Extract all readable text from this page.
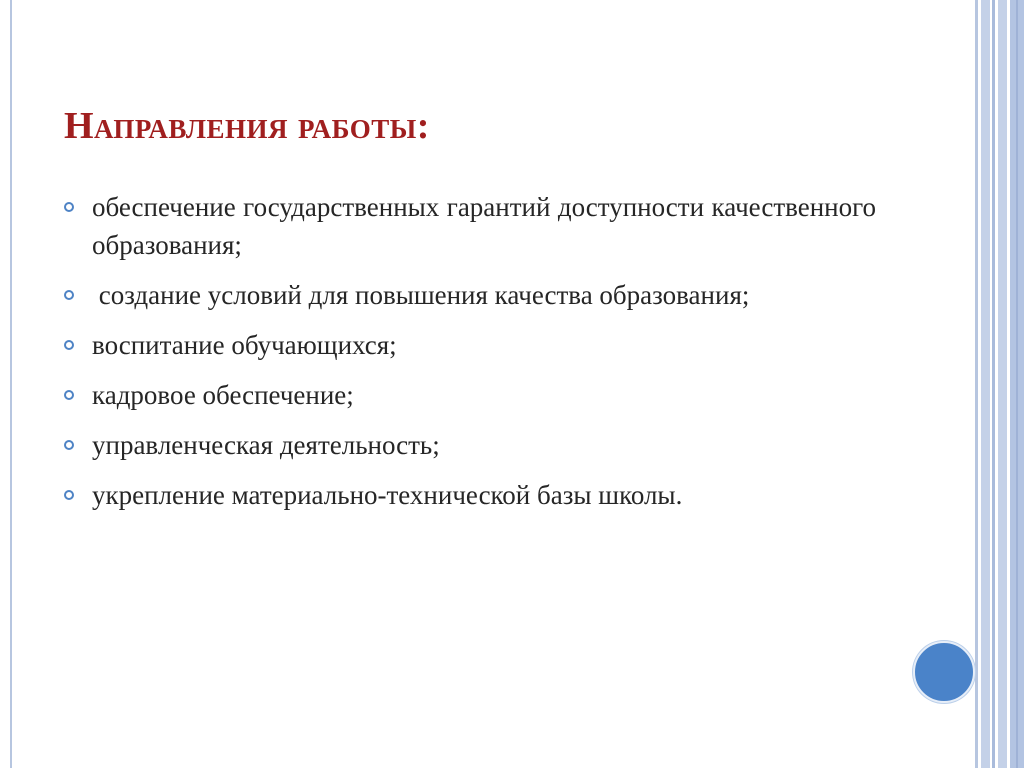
Направления работы:
обеспечение государственных гарантий доступности качественного образования;
создание условий для повышения качества образования;
воспитание обучающихся;
кадровое обеспечение;
управленческая деятельность;
укрепление материально-технической базы школы.
